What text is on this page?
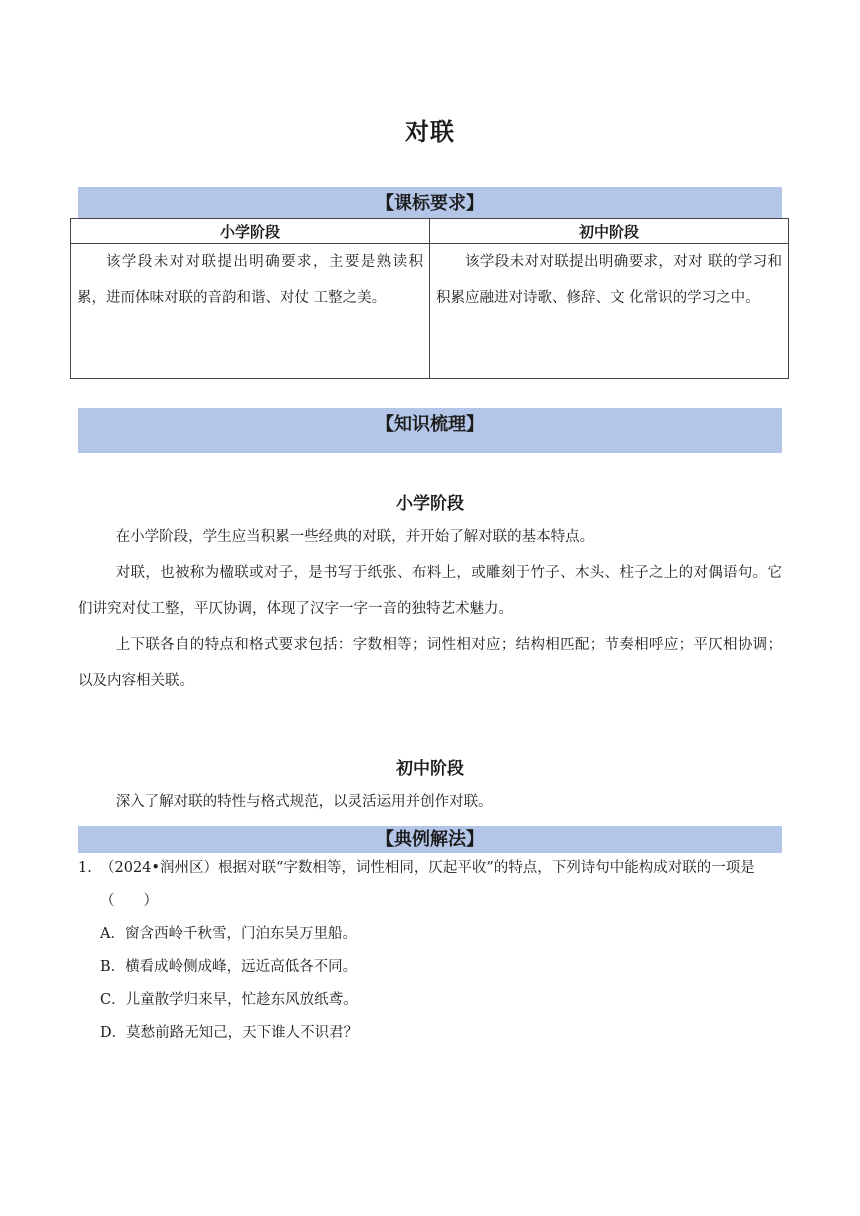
对联
【课标要求】
小学阶段	初中阶段
该学段未对对联提出明确要求，主要是熟读积累，进而体味对联的音韵和谐、对仗 工整之美。	该学段未对对联提出明确要求，对对 联的学习和积累应融进对诗歌、修辞、文 化常识的学习之中。
【知识梳理】
小学阶段

在小学阶段，学生应当积累一些经典的对联，并开始了解对联的基本特点。

对联，也被称为楹联或对子，是书写于纸张、布料上，或雕刻于竹子、木头、柱子之上的对偶语句。它们讲究对仗工整，平仄协调，体现了汉字一字一音的独特艺术魅力。

上下联各自的特点和格式要求包括：字数相等；词性相对应；结构相匹配；节奏相呼应；平仄相协调；以及内容相关联。

初中阶段

深入了解对联的特性与格式规范，以灵活运用并创作对联。

【典例解法】
1. （2024•润州区）根据对联“字数相等，词性相同，仄起平收”的特点，下列诗句中能构成对联的一项是（　　）
A．窗含西岭千秋雪，门泊东吴万里船。
B．横看成岭侧成峰，远近高低各不同。
C．儿童散学归来早，忙趁东风放纸鸢。
D．莫愁前路无知己，天下谁人不识君？
